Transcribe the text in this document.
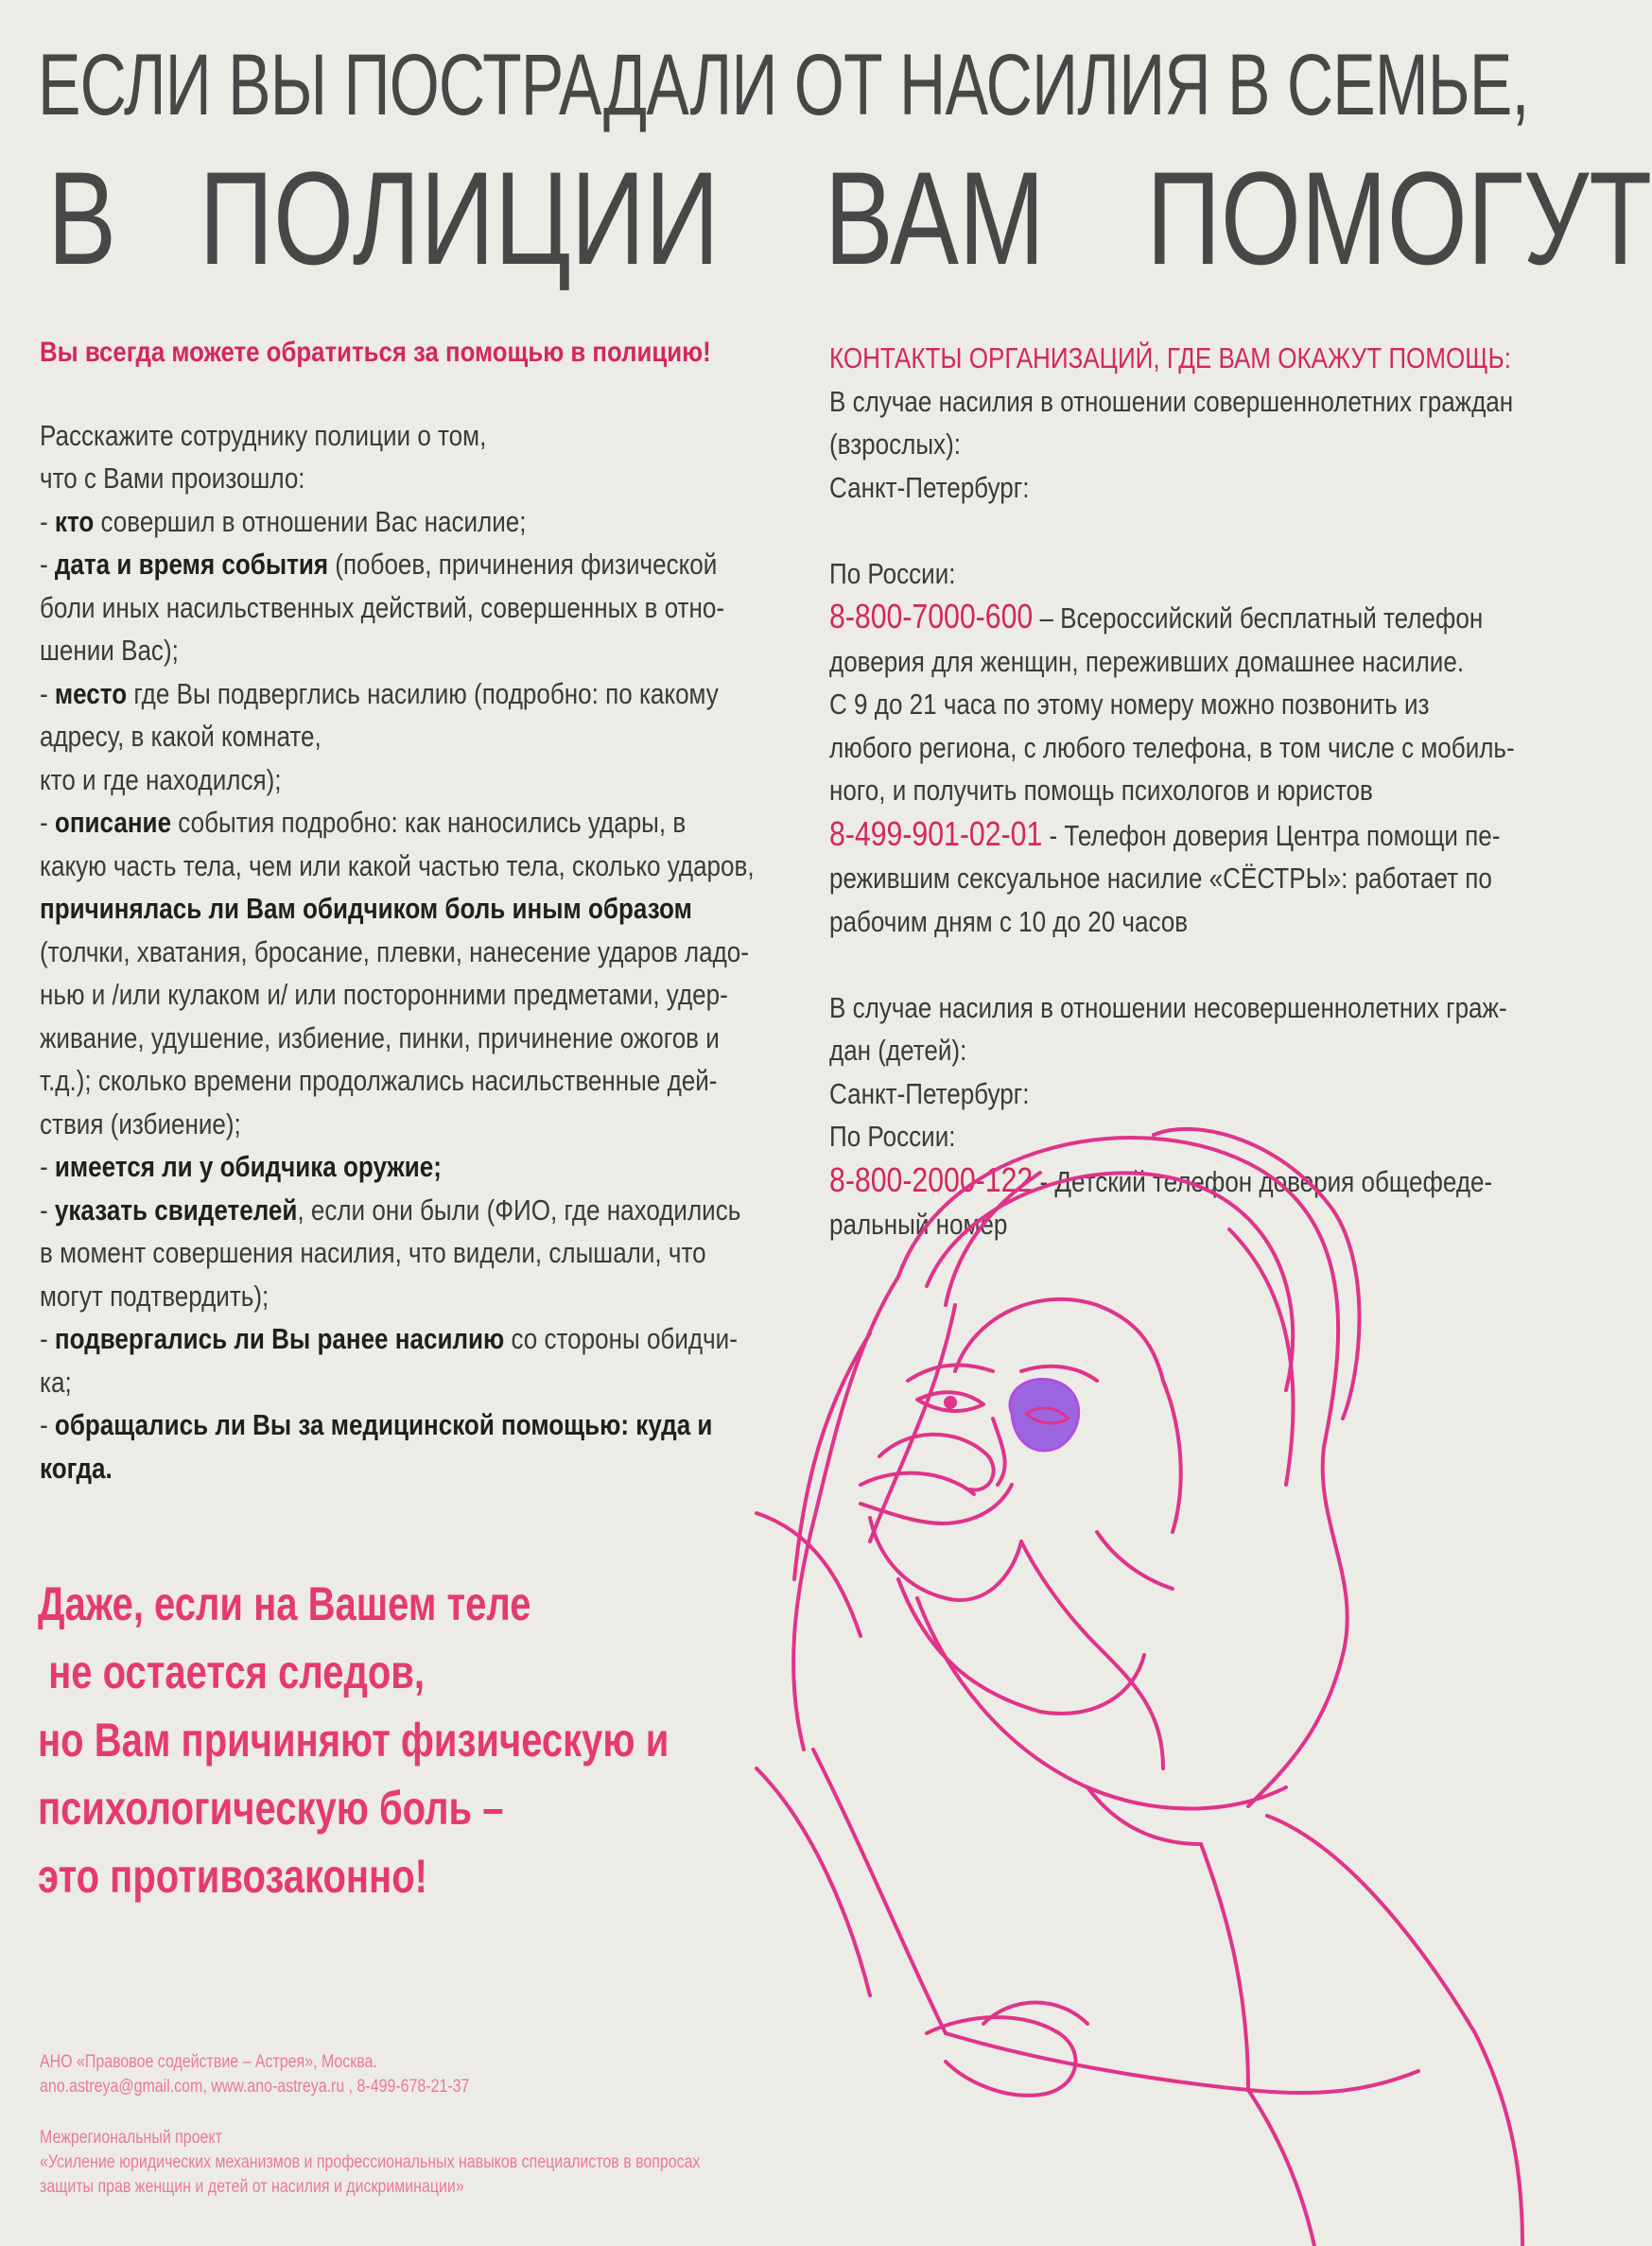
ЕСЛИ ВЫ ПОСТРАДАЛИ ОТ НАСИЛИЯ В СЕМЬЕ,
В ПОЛИЦИИ ВАМ ПОМОГУТ
Вы всегда можете обратиться за помощью в полицию!

Расскажите сотруднику полиции о том,

что с Вами произошло:

- кто совершил в отношении Вас насилие;

- дата и время события (побоев, причинения физической

боли иных насильственных действий, совершенных в отно-

шении Вас);

- место где Вы подверглись насилию (подробно: по какому

адресу, в какой комнате,

кто и где находился);

- описание события подробно: как наносились удары, в

какую часть тела, чем или какой частью тела, сколько ударов,

причинялась ли Вам обидчиком боль иным образом

(толчки, хватания, бросание, плевки, нанесение ударов ладо-

нью и /или кулаком и/ или посторонними предметами, удер-

живание, удушение, избиение, пинки, причинение ожогов и

т.д.); сколько времени продолжались насильственные дей-

ствия (избиение);

- имеется ли у обидчика оружие;

- указать свидетелей, если они были (ФИО, где находились

в момент совершения насилия, что видели, слышали, что

могут подтвердить);

- подвергались ли Вы ранее насилию со стороны обидчи-

ка;

- обращались ли Вы за медицинской помощью: куда и

когда.

КОНТАКТЫ ОРГАНИЗАЦИЙ, ГДЕ ВАМ ОКАЖУТ ПОМОЩЬ:

В случае насилия в отношении совершеннолетних граждан

(взрослых):

Санкт-Петербург:

По России:

8-800-7000-600 – Всероссийский бесплатный телефон

доверия для женщин, переживших домашнее насилие.

С 9 до 21 часа по этому номеру можно позвонить из

любого региона, с любого телефона, в том числе с мобиль-

ного, и получить помощь психологов и юристов

8-499-901-02-01 - Телефон доверия Центра помощи пе-

режившим сексуальное насилие «СЁСТРЫ»: работает по

рабочим дням с 10 до 20 часов

В случае насилия в отношении несовершеннолетних граж-

дан (детей):

Санкт-Петербург:

По России:

8-800-2000-122 - Детский телефон доверия общефеде-

ральный номер

Даже, если на Вашем теле

не остается следов,

но Вам причиняют физическую и

психологическую боль –

это противозаконно!

АНО «Правовое содействие – Астрея», Москва.

ano.astreya@gmail.com, www.ano-astreya.ru , 8-499-678-21-37

Межрегиональный проект

«Усиление юридических механизмов и профессиональных навыков специалистов в вопросах

защиты прав женщин и детей от насилия и дискриминации»
